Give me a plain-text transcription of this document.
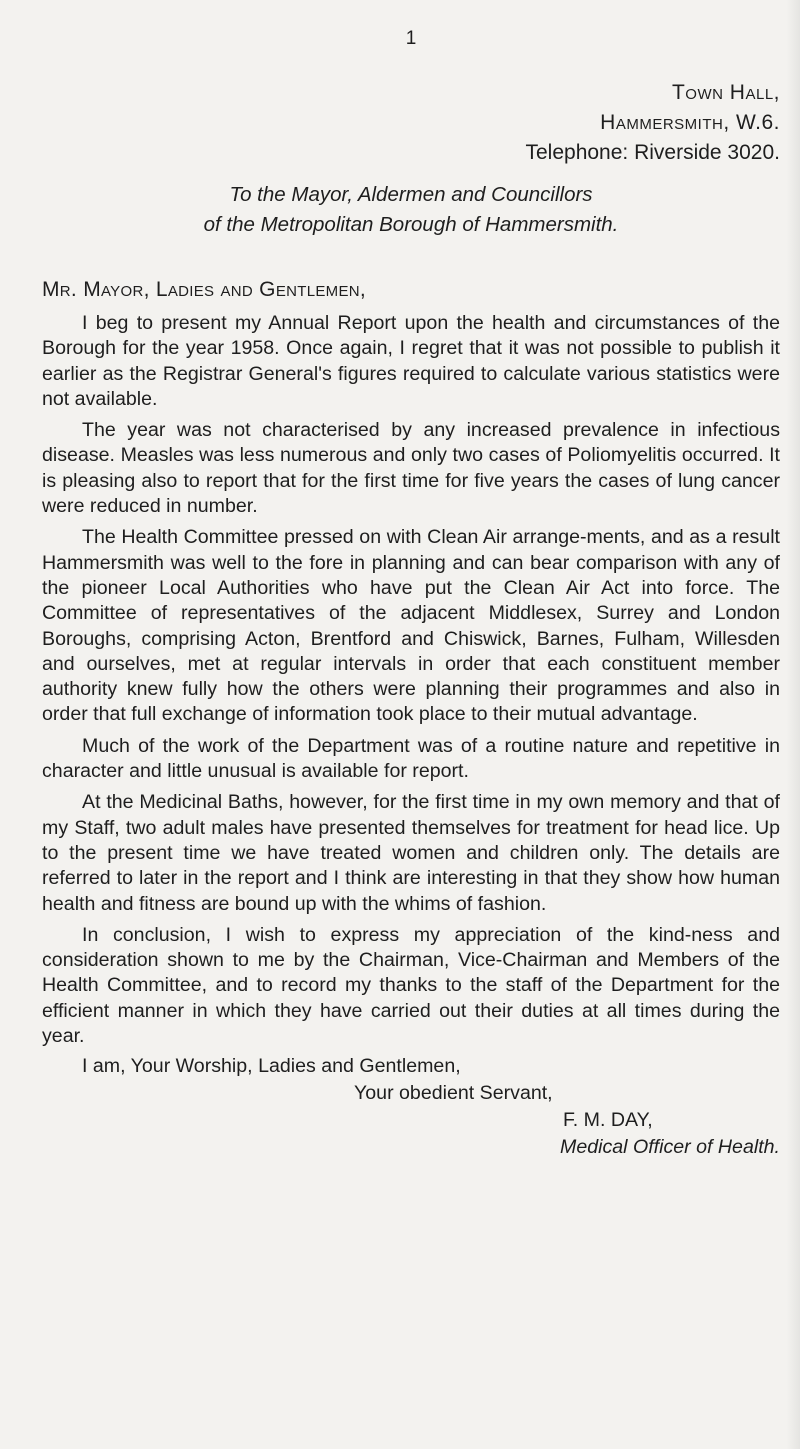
1
Town Hall,
Hammersmith, W.6.
Telephone: Riverside 3020.
To the Mayor, Aldermen and Councillors
of the Metropolitan Borough of Hammersmith.
Mr. Mayor, Ladies and Gentlemen,

I beg to present my Annual Report upon the health and circumstances of the Borough for the year 1958. Once again, I regret that it was not possible to publish it earlier as the Registrar General's figures required to calculate various statistics were not available.

The year was not characterised by any increased prevalence in infectious disease. Measles was less numerous and only two cases of Poliomyelitis occurred. It is pleasing also to report that for the first time for five years the cases of lung cancer were reduced in number.

The Health Committee pressed on with Clean Air arrange-ments, and as a result Hammersmith was well to the fore in planning and can bear comparison with any of the pioneer Local Authorities who have put the Clean Air Act into force. The Committee of representatives of the adjacent Middlesex, Surrey and London Boroughs, comprising Acton, Brentford and Chiswick, Barnes, Fulham, Willesden and ourselves, met at regular intervals in order that each constituent member authority knew fully how the others were planning their programmes and also in order that full exchange of information took place to their mutual advantage.

Much of the work of the Department was of a routine nature and repetitive in character and little unusual is available for report.

At the Medicinal Baths, however, for the first time in my own memory and that of my Staff, two adult males have presented themselves for treatment for head lice. Up to the present time we have treated women and children only. The details are referred to later in the report and I think are interesting in that they show how human health and fitness are bound up with the whims of fashion.

In conclusion, I wish to express my appreciation of the kind-ness and consideration shown to me by the Chairman, Vice-Chairman and Members of the Health Committee, and to record my thanks to the staff of the Department for the efficient manner in which they have carried out their duties at all times during the year.

I am, Your Worship, Ladies and Gentlemen,
Your obedient Servant,
F. M. DAY,
Medical Officer of Health.
